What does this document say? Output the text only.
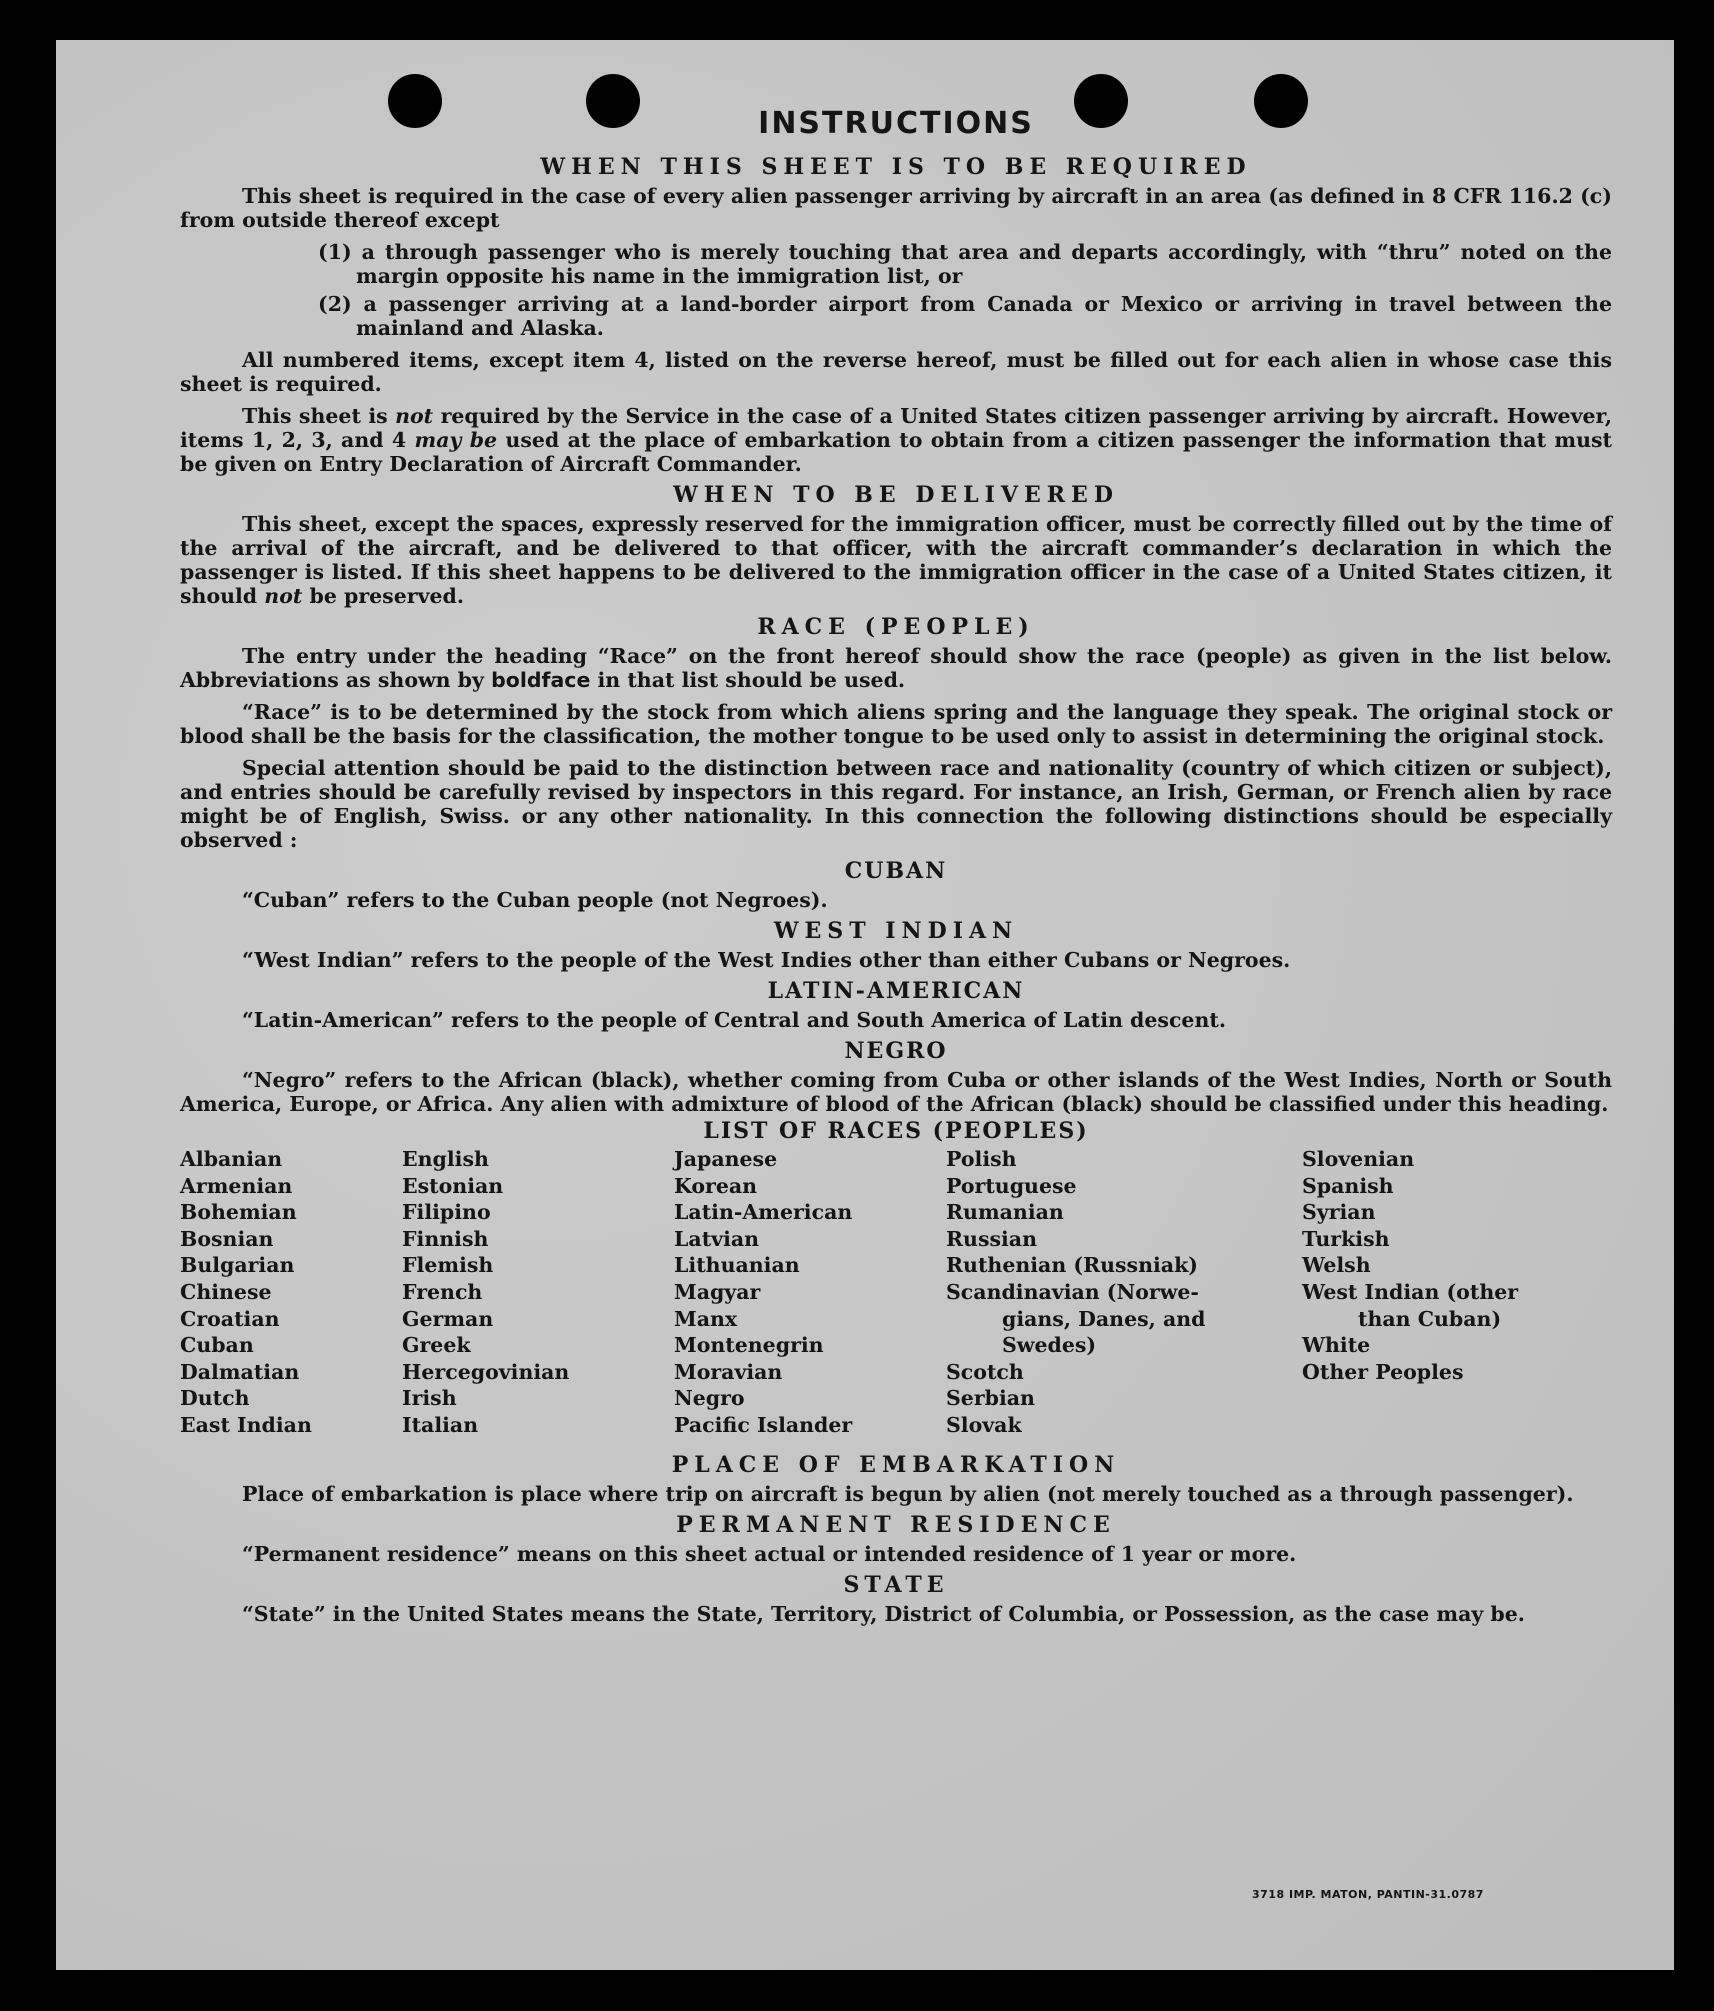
INSTRUCTIONS
WHEN THIS SHEET IS TO BE REQUIRED

This sheet is required in the case of every alien passenger arriving by aircraft in an area (as defined in 8 CFR 116.2 (c) from outside thereof except

(1) a through passenger who is merely touching that area and departs accordingly, with “thru” noted on the margin opposite his name in the immigration list, or

(2) a passenger arriving at a land-border airport from Canada or Mexico or arriving in travel between the mainland and Alaska.

All numbered items, except item 4, listed on the reverse hereof, must be filled out for each alien in whose case this sheet is required.

This sheet is not required by the Service in the case of a United States citizen passenger arriving by aircraft. However, items 1, 2, 3, and 4 may be used at the place of embarkation to obtain from a citizen passenger the information that must be given on Entry Declaration of Aircraft Commander.

WHEN TO BE DELIVERED

This sheet, except the spaces, expressly reserved for the immigration officer, must be correctly filled out by the time of the arrival of the aircraft, and be delivered to that officer, with the aircraft commander’s declaration in which the passenger is listed. If this sheet happens to be delivered to the immigration officer in the case of a United States citizen, it should not be preserved.

RACE (PEOPLE)

The entry under the heading “Race” on the front hereof should show the race (people) as given in the list below. Abbreviations as shown by boldface in that list should be used.

“Race” is to be determined by the stock from which aliens spring and the language they speak. The original stock or blood shall be the basis for the classification, the mother tongue to be used only to assist in determining the original stock.

Special attention should be paid to the distinction between race and nationality (country of which citizen or subject), and entries should be carefully revised by inspectors in this regard. For instance, an Irish, German, or French alien by race might be of English, Swiss. or any other nationality. In this connection the following distinctions should be especially observed :

CUBAN

“Cuban” refers to the Cuban people (not Negroes).

WEST INDIAN

“West Indian” refers to the people of the West Indies other than either Cubans or Negroes.

LATIN-AMERICAN

“Latin-American” refers to the people of Central and South America of Latin descent.

NEGRO

“Negro” refers to the African (black), whether coming from Cuba or other islands of the West Indies, North or South America, Europe, or Africa. Any alien with admixture of blood of the African (black) should be classified under this heading.

LIST OF RACES (PEOPLES)
Albanian
Armenian
Bohemian
Bosnian
Bulgarian
Chinese
Croatian
Cuban
Dalmatian
Dutch
East Indian
English
Estonian
Filipino
Finnish
Flemish
French
German
Greek
Hercegovinian
Irish
Italian
Japanese
Korean
Latin-American
Latvian
Lithuanian
Magyar
Manx
Montenegrin
Moravian
Negro
Pacific Islander
Polish
Portuguese
Rumanian
Russian
Ruthenian (Russniak)
Scandinavian (Norwe-
gians, Danes, and
Swedes)
Scotch
Serbian
Slovak
Slovenian
Spanish
Syrian
Turkish
Welsh
West Indian (other
than Cuban)
White
Other Peoples
PLACE OF EMBARKATION

Place of embarkation is place where trip on aircraft is begun by alien (not merely touched as a through passenger).

PERMANENT RESIDENCE

“Permanent residence” means on this sheet actual or intended residence of 1 year or more.

STATE

“State” in the United States means the State, Territory, District of Columbia, or Possession, as the case may be.

3718 IMP. MATON, PANTIN-31.0787
